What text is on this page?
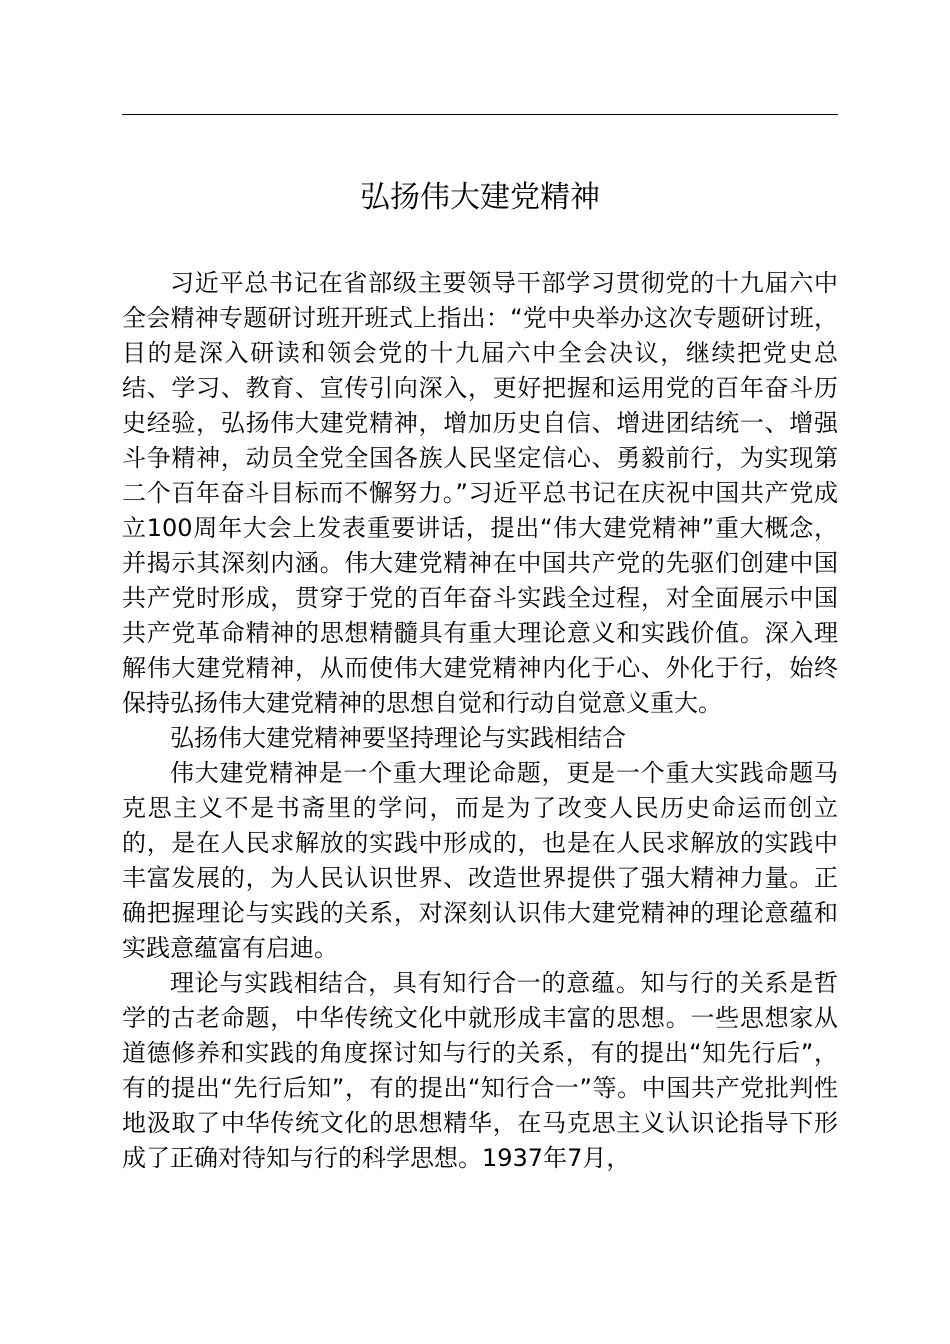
弘扬伟大建党精神

习近平总书记在省部级主要领导干部学习贯彻党的十九届六中全会精神专题研讨班开班式上指出：“党中央举办这次专题研讨班，目的是深入研读和领会党的十九届六中全会决议，继续把党史总结、学习、教育、宣传引向深入，更好把握和运用党的百年奋斗历史经验，弘扬伟大建党精神，增加历史自信、增进团结统一、增强斗争精神，动员全党全国各族人民坚定信心、勇毅前行，为实现第二个百年奋斗目标而不懈努力。”习近平总书记在庆祝中国共产党成立100周年大会上发表重要讲话，提出“伟大建党精神”重大概念，并揭示其深刻内涵。伟大建党精神在中国共产党的先驱们创建中国共产党时形成，贯穿于党的百年奋斗实践全过程，对全面展示中国共产党革命精神的思想精髓具有重大理论意义和实践价值。深入理解伟大建党精神，从而使伟大建党精神内化于心、外化于行，始终保持弘扬伟大建党精神的思想自觉和行动自觉意义重大。

弘扬伟大建党精神要坚持理论与实践相结合

伟大建党精神是一个重大理论命题，更是一个重大实践命题马克思主义不是书斋里的学问，而是为了改变人民历史命运而创立的，是在人民求解放的实践中形成的，也是在人民求解放的实践中丰富发展的，为人民认识世界、改造世界提供了强大精神力量。正确把握理论与实践的关系，对深刻认识伟大建党精神的理论意蕴和实践意蕴富有启迪。

理论与实践相结合，具有知行合一的意蕴。知与行的关系是哲学的古老命题，中华传统文化中就形成丰富的思想。一些思想家从道德修养和实践的角度探讨知与行的关系，有的提出“知先行后”，有的提出“先行后知”，有的提出“知行合一”等。中国共产党批判性地汲取了中华传统文化的思想精华，在马克思主义认识论指导下形成了正确对待知与行的科学思想。1937年7月，
